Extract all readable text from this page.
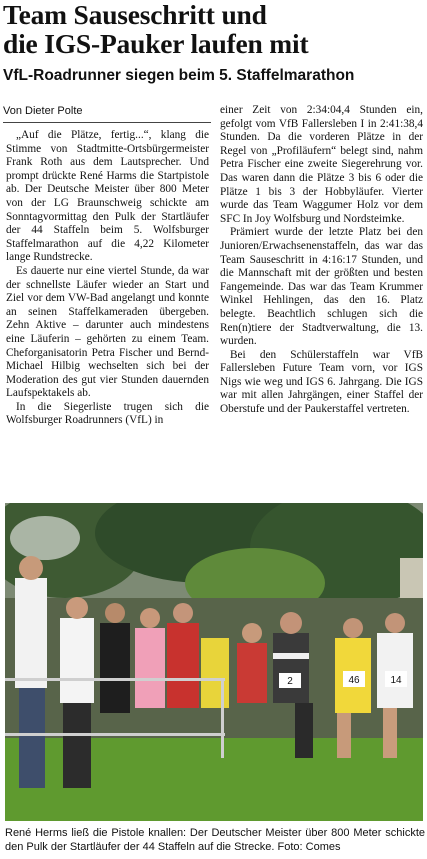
Team Sauseschritt und
die IGS-Pauker laufen mit
VfL-Roadrunner siegen beim 5. Staffelmarathon
Von Dieter Polte

„Auf die Plätze, fertig...“, klang die Stimme von Stadtmitte-Ortsbürgermeister Frank Roth aus dem Lautsprecher. Und prompt drückte René Harms die Startpistole ab. Der Deutsche Meister über 800 Meter von der LG Braunschweig schickte am Sonntagvormittag den Pulk der Startläufer der 44 Staffeln beim 5. Wolfsburger Staffelmarathon auf die 4,22 Kilometer lange Rundstrecke.

Es dauerte nur eine viertel Stunde, da war der schnellste Läufer wieder an Start und Ziel vor dem VW-Bad angelangt und konnte an seinen Staffelkameraden übergeben. Zehn Aktive – darunter auch mindestens eine Läuferin – gehörten zu einem Team. Cheforganisatorin Petra Fischer und Bernd-Michael Hilbig wechselten sich bei der Moderation des gut vier Stunden dauernden Laufspektakels ab.

In die Siegerliste trugen sich die Wolfsburger Roadrunners (VfL) in

einer Zeit von 2:34:04,4 Stunden ein, gefolgt vom VfB Fallersleben I in 2:41:38,4 Stunden. Da die vorderen Plätze in der Regel von „Profiläufern“ belegt sind, nahm Petra Fischer eine zweite Siegerehrung vor. Das waren dann die Plätze 3 bis 6 oder die Plätze 1 bis 3 der Hobbyläufer. Vierter wurde das Team Waggumer Holz vor dem SFC In Joy Wolfsburg und Nordsteimke.

Prämiert wurde der letzte Platz bei den Junioren/Erwachsenenstaffeln, das war das Team Sauseschritt in 4:16:17 Stunden, und die Mannschaft mit der größten und besten Fangemeinde. Das war das Team Krummer Winkel Hehlingen, das den 16. Platz belegte. Beachtlich schlugen sich die Ren(n)tiere der Stadtverwaltung, die 13. wurden.

Bei den Schülerstaffeln war VfB Fallersleben Future Team vorn, vor IGS Nigs wie weg und IGS 6. Jahrgang. Die IGS war mit allen Jahrgängen, einer Staffel der Oberstufe und der Paukerstaffel vertreten.

46	14
2
René Herms ließ die Pistole knallen: Der Deutscher Meister über 800 Meter schickte den Pulk der Startläufer der 44 Staffeln auf die Strecke. Foto: Comes
